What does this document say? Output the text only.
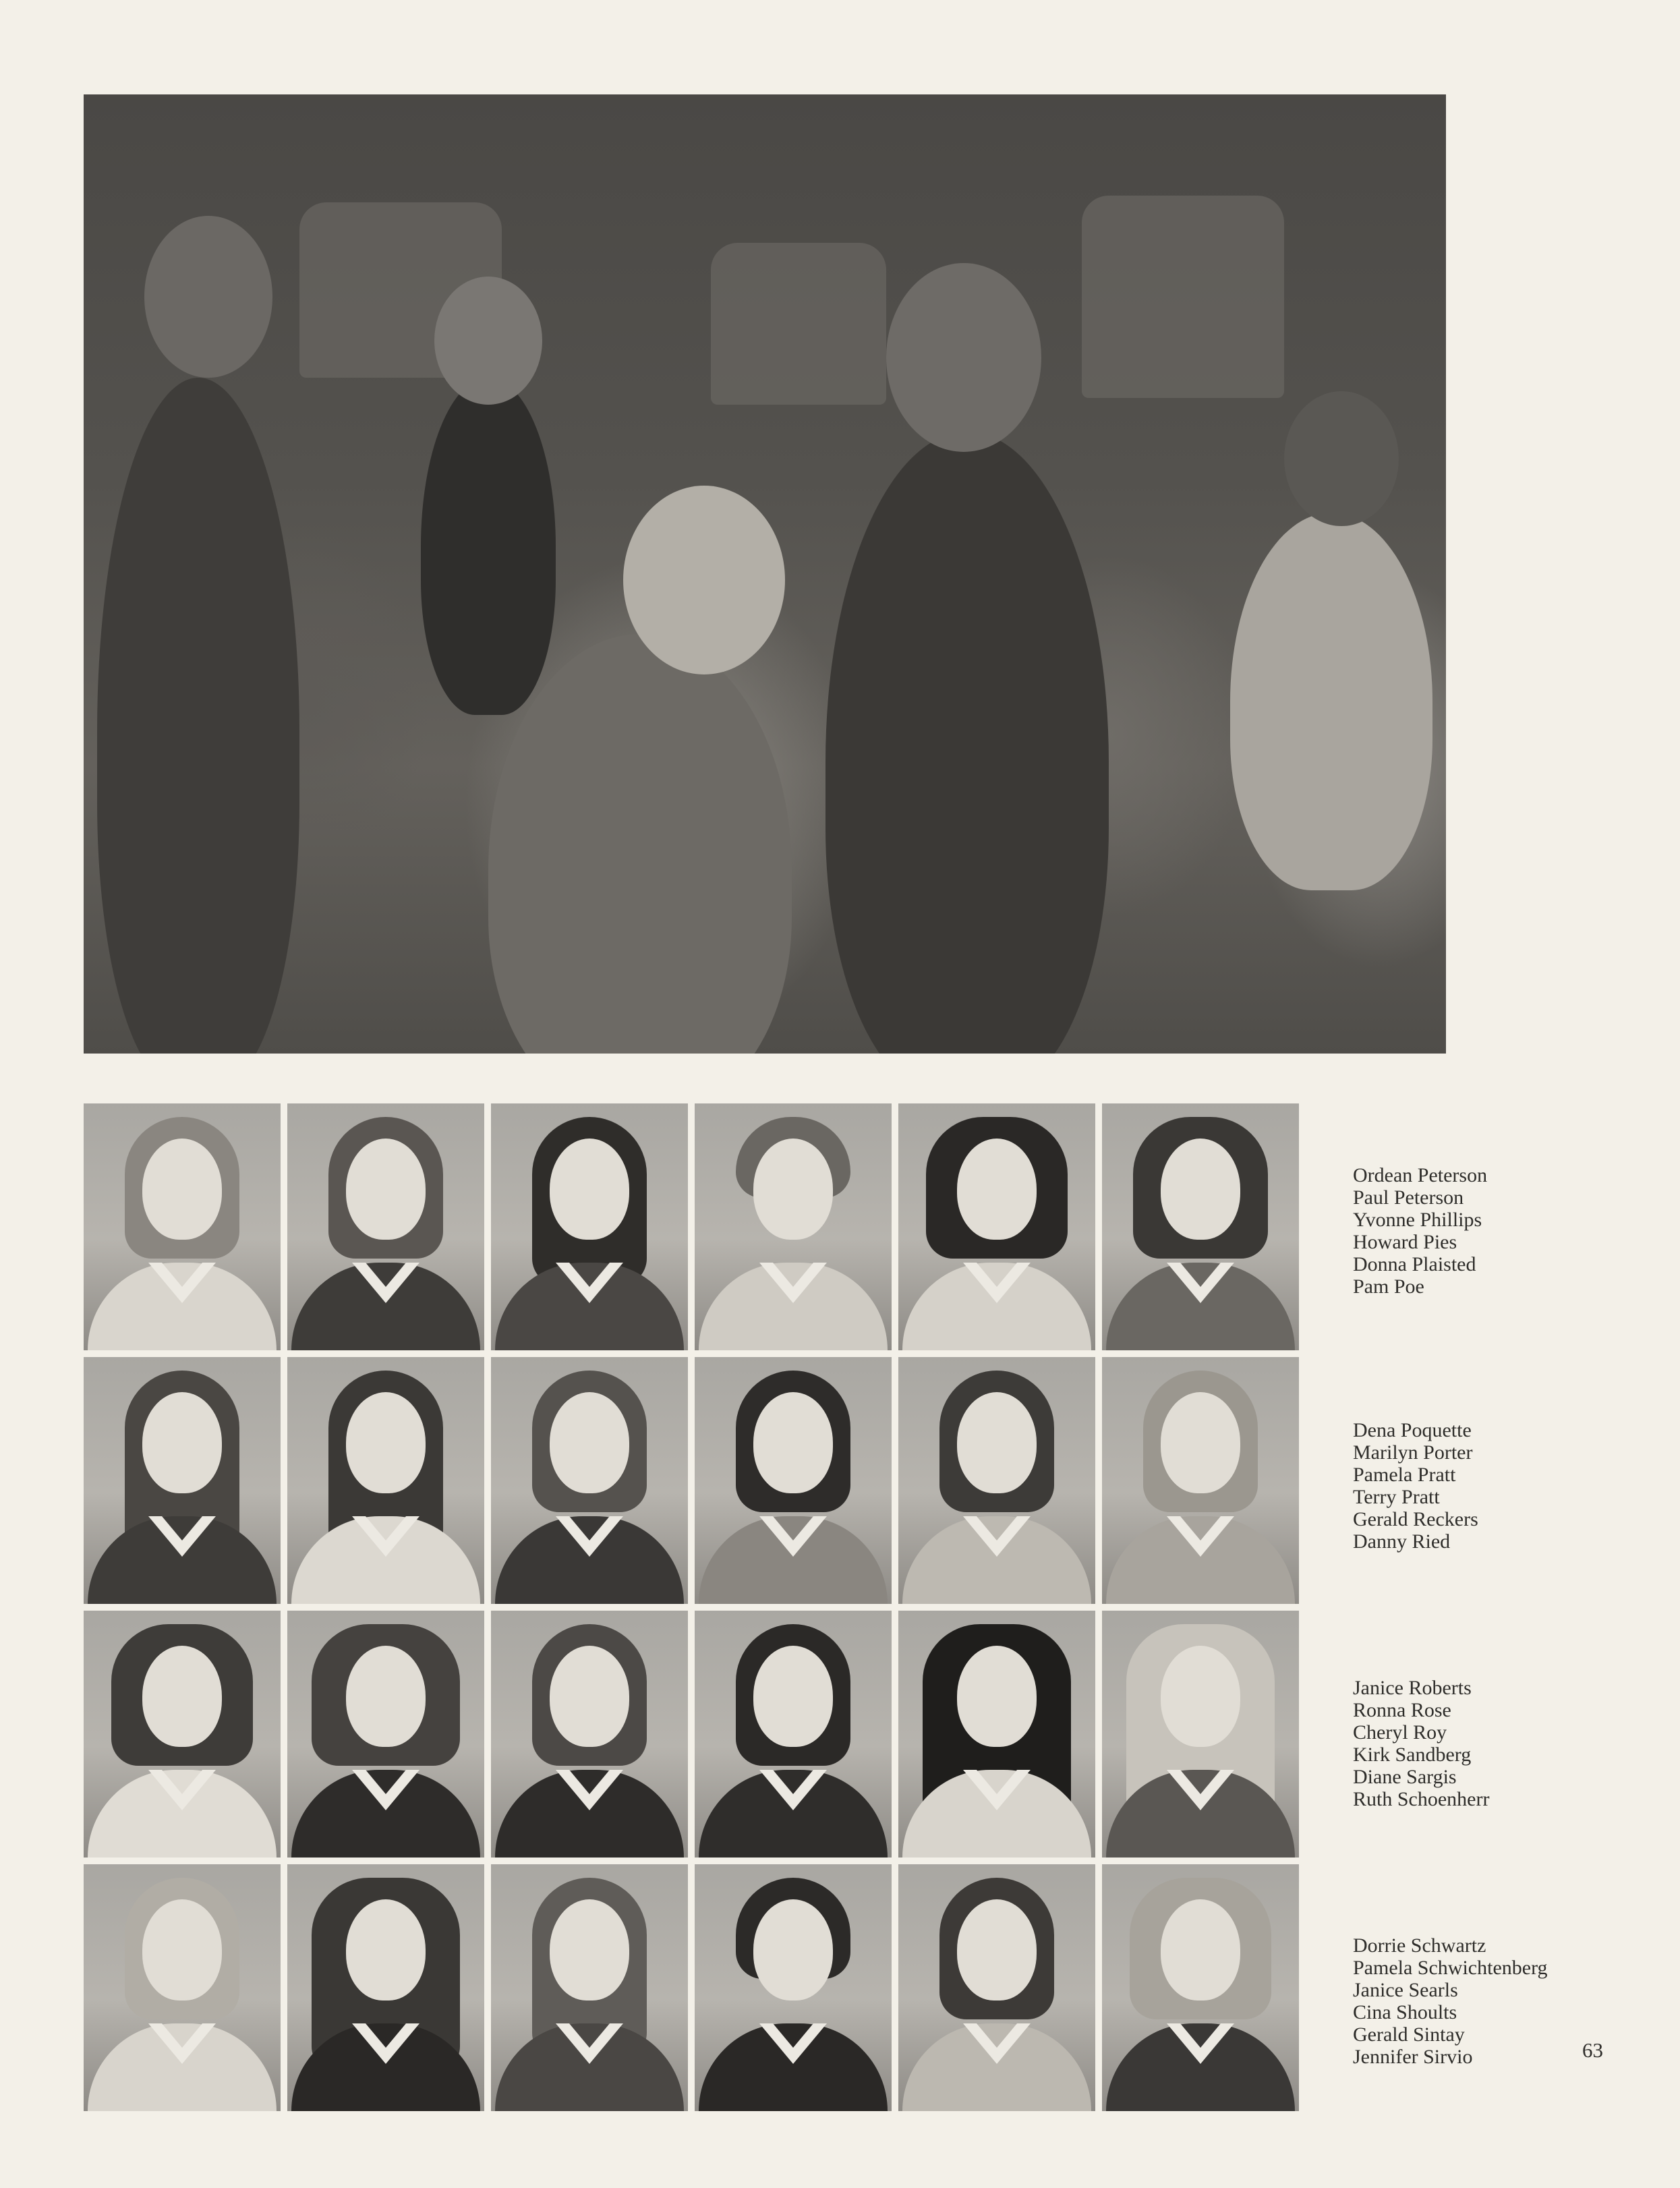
Ordean Peterson
Paul Peterson
Yvonne Phillips
Howard Pies
Donna Plaisted
Pam Poe
Dena Poquette
Marilyn Porter
Pamela Pratt
Terry Pratt
Gerald Reckers
Danny Ried
Janice Roberts
Ronna Rose
Cheryl Roy
Kirk Sandberg
Diane Sargis
Ruth Schoenherr
Dorrie Schwartz
Pamela Schwichtenberg
Janice Searls
Cina Shoults
Gerald Sintay
Jennifer Sirvio	63
